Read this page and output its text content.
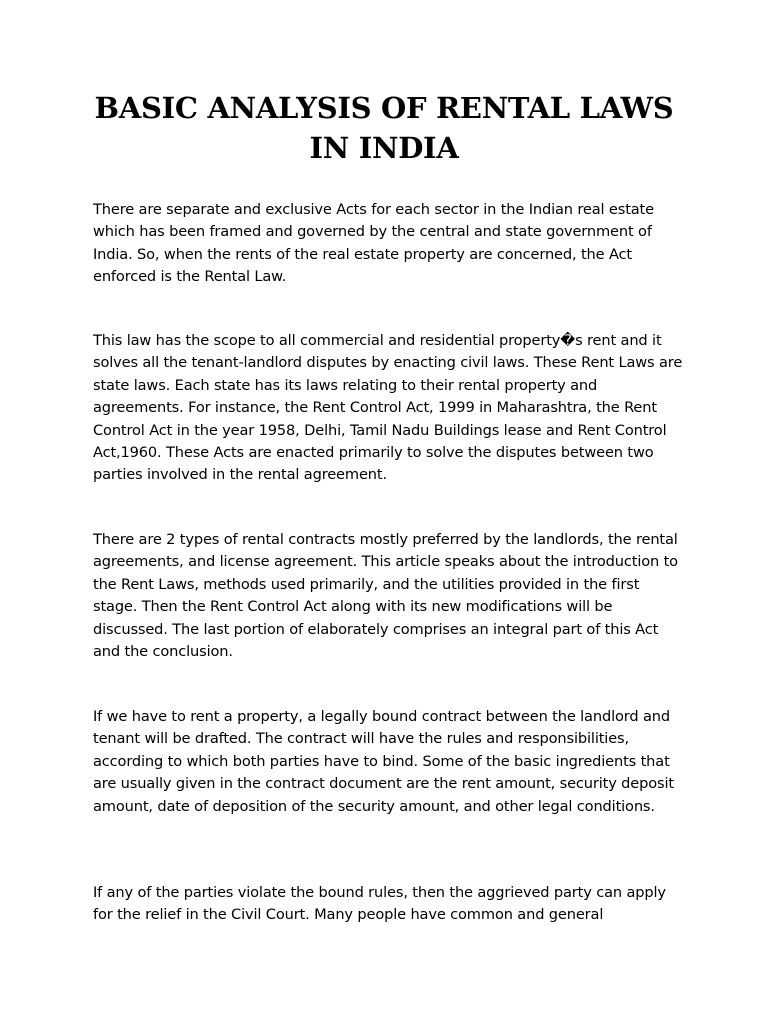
BASIC ANALYSIS OF RENTAL LAWS IN INDIA

There are separate and exclusive Acts for each sector in the Indian real estate which has been framed and governed by the central and state government of India. So, when the rents of the real estate property are concerned, the Act enforced is the Rental Law.

This law has the scope to all commercial and residential property�s rent and it solves all the tenant-landlord disputes by enacting civil laws. These Rent Laws are state laws. Each state has its laws relating to their rental property and agreements. For instance, the Rent Control Act, 1999 in Maharashtra, the Rent Control Act in the year 1958, Delhi, Tamil Nadu Buildings lease and Rent Control Act,1960. These Acts are enacted primarily to solve the disputes between two parties involved in the rental agreement.

There are 2 types of rental contracts mostly preferred by the landlords, the rental agreements, and license agreement. This article speaks about the introduction to the Rent Laws, methods used primarily, and the utilities provided in the first stage. Then the Rent Control Act along with its new modifications will be discussed. The last portion of elaborately comprises an integral part of this Act and the conclusion.

If we have to rent a property, a legally bound contract between the landlord and tenant will be drafted. The contract will have the rules and responsibilities, according to which both parties have to bind. Some of the basic ingredients that are usually given in the contract document are the rent amount, security deposit amount, date of deposition of the security amount, and other legal conditions.

If any of the parties violate the bound rules, then the aggrieved party can apply for the relief in the Civil Court. Many people have common and general
